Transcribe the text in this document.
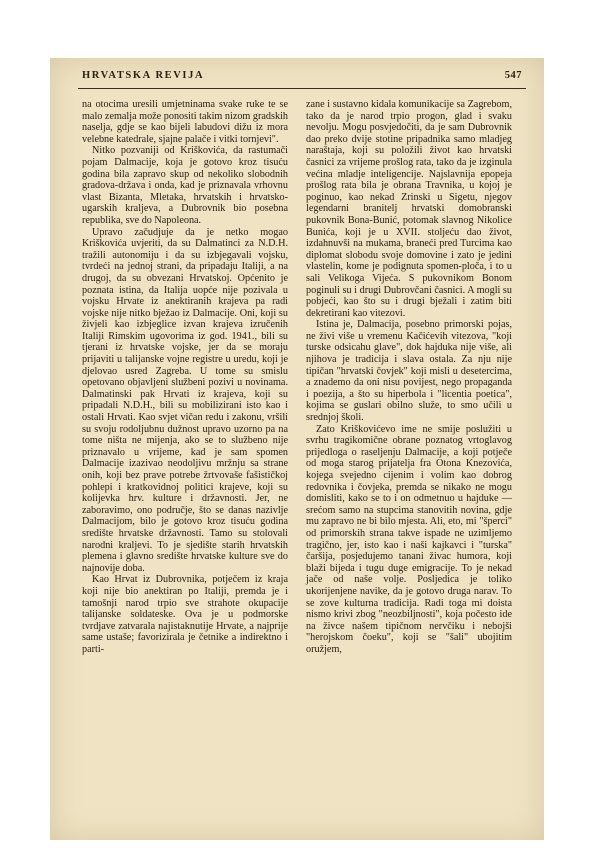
HRVATSKA REVIJA	547

na otocima uresili umjetninama svake ruke te se malo zemalja može ponositi takim nizom gradskih naselja, gdje se kao bijeli labudovi dižu iz mora velebne katedrale, sjajne palače i vitki tornjevi".

Nitko pozvaniji od Kriškovića, da rastumači pojam Dalmacije, koja je gotovo kroz tisuću godina bila zapravo skup od nekoliko slobodnih gradova-država i onda, kad je priznavala vrhovnu vlast Bizanta, Mletaka, hrvatskih i hrvatsko-ugarskih kraljeva, a Dubrovnik bio posebna republika, sve do Napoleona.

Upravo začudjuje da je netko mogao Kriškovića uvjeriti, da su Dalmatinci za N.D.H. tražili autonomiju i da su izbjegavali vojsku, tvrdeći na jednoj strani, da pripadaju Italiji, a na drugoj, da su obvezani Hrvatskoj. Općenito je poznata istina, da Italija uopće nije pozivala u vojsku Hrvate iz anektiranih krajeva pa radi vojske nije nitko bježao iz Dalmacije. Oni, koji su živjeli kao izbjeglice izvan krajeva izručenih Italiji Rimskim ugovorima iz god. 1941., bili su tjerani iz hrvatske vojske, jer da se moraju prijaviti u talijanske vojne registre u uredu, koji je djelovao usred Zagreba. U tome su smislu opetovano objavljeni službeni pozivi u novinama. Dalmatinski pak Hrvati iz krajeva, koji su pripadali N.D.H., bili su mobilizirani isto kao i ostali Hrvati. Kao svjet vičan redu i zakonu, vršili su svoju rodoljubnu dužnost upravo uzorno pa na tome ništa ne mijenja, ako se to službeno nije priznavalo u vrijeme, kad je sam spomen Dalmacije izazivao neodoljivu mržnju sa strane onih, koji bez prave potrebe žrtvovaše fašističkoj pohlepi i kratkovidnoj politici krajeve, koji su kolijevka hrv. kulture i državnosti. Jer, ne zaboravimo, ono područje, što se danas nazivlje Dalmacijom, bilo je gotovo kroz tisuću godina središte hrvatske državnosti. Tamo su stolovali narodni kraljevi. To je sjedište starih hrvatskih plemena i glavno središte hrvatske kulture sve do najnovije doba.

Kao Hrvat iz Dubrovnika, potječem iz kraja koji nije bio anektiran po Italiji, premda je i tamošnji narod trpio sve strahote okupacije talijanske soldateske. Ova je u podmorske tvrdjave zatvarala najistaknutije Hrvate, a najprije same ustaše; favorizirala je četnike a indirektno i parti-

zane i sustavno kidala komunikacije sa Zagrebom, tako da je narod trpio progon, glad i svaku nevolju. Mogu posvjedočiti, da je sam Dubrovnik dao preko dvije stotine pripadnika samo mladjeg naraštaja, koji su položili život kao hrvatski časnici za vrijeme prošlog rata, tako da je izginula većina mladje inteligencije. Najslavnija epopeja prošlog rata bila je obrana Travnika, u kojoj je poginuo, kao nekad Zrinski u Sigetu, njegov legendarni branitelj hrvatski domobranski pukovnik Bona-Bunić, potomak slavnog Nikolice Bunića, koji je u XVII. stoljeću dao život, izdahnuvši na mukama, braneći pred Turcima kao diplomat slobodu svoje domovine i zato je jedini vlastelin, kome je podignuta spomen-ploča, i to u sali Velikoga Vijeća. S pukovnikom Bonom poginuli su i drugi Dubrovčani časnici. A mogli su pobjeći, kao što su i drugi bježali i zatim biti dekretirani kao vitezovi.

Istina je, Dalmacija, posebno primorski pojas, ne živi više u vremenu Kačićevih vitezova, "koji turske odsicahu glave", dok hajduka nije više, ali njihova je tradicija i slava ostala. Za nju nije tipičan "hrvatski čovjek" koji misli u desetercima, a znademo da oni nisu povijest, nego propaganda i poezija, a što su hiperbola i "licentia poetica", kojima se guslari obilno služe, to smo učili u srednjoj školi.

Zato Kriškovićevo ime ne smije poslužiti u svrhu tragikomične obrane poznatog vrtoglavog prijedloga o raseljenju Dalmacije, a koji potječe od moga starog prijatelja fra Otona Knezovića, kojega svejedno cijenim i volim kao dobrog redovnika i čovjeka, premda se nikako ne mogu domisliti, kako se to i on odmetnuo u hajduke — srećom samo na stupcima stanovitih novina, gdje mu zapravo ne bi bilo mjesta. Ali, eto, mi "šperci" od primorskih strana takve ispade ne uzimljemo tragično, jer, isto kao i naši kajkavci i "turska" čaršija, posjedujemo tanani živac humora, koji blaži bijeda i tugu duge emigracije. To je nekad jače od naše volje. Posljedica je toliko ukorijenjene navike, da je gotovo druga narav. To se zove kulturna tradicija. Radi toga mi doista nismo krivi zbog "neozbiljnosti", koja počesto ide na živce našem tipičnom nervčiku i nebojši "herojskom čoeku", koji se "šali" ubojitim oružjem,
